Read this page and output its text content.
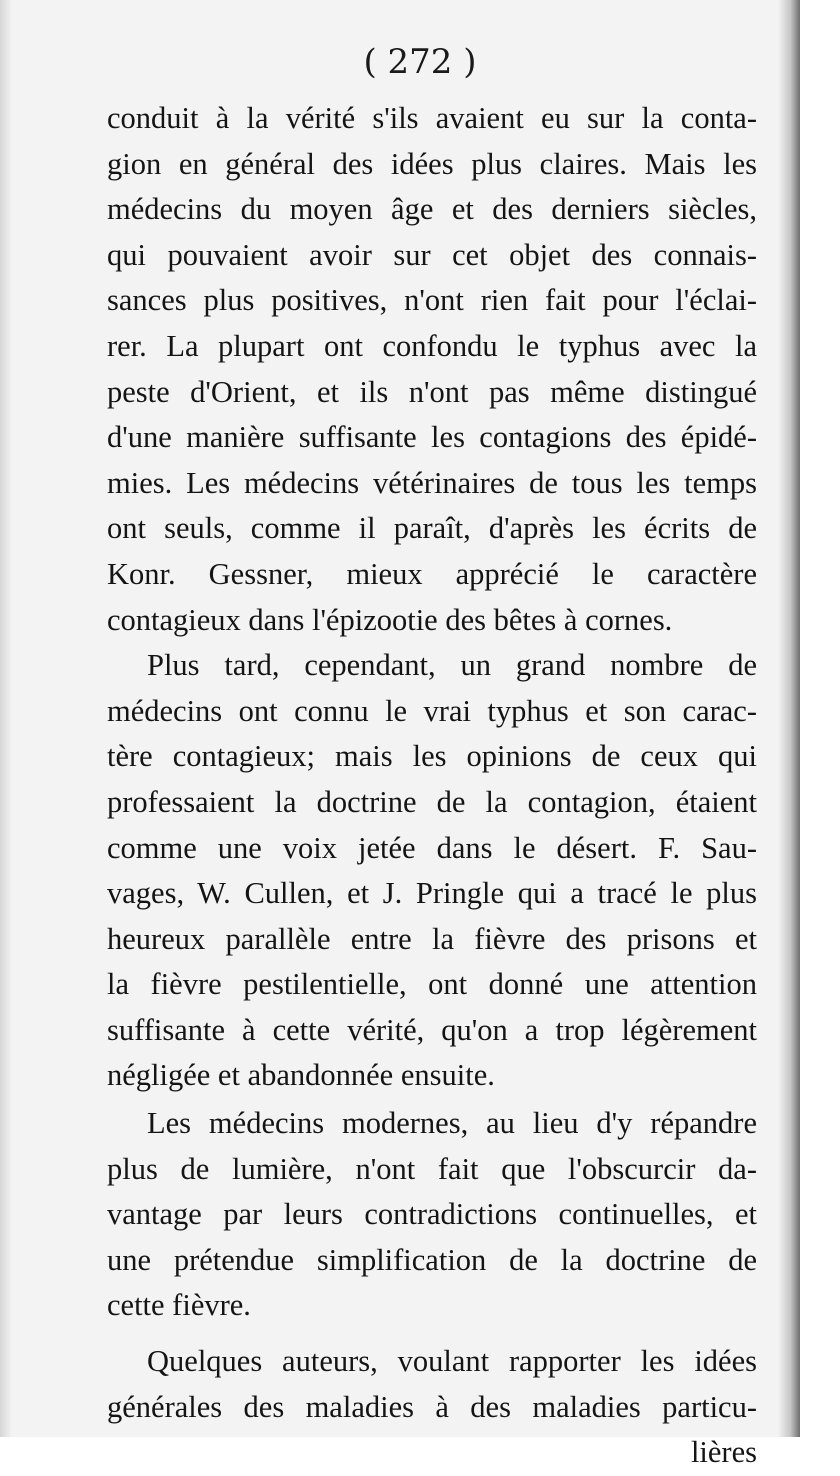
( 272 )
conduit à la vérité s'ils avaient eu sur la conta-
gion en général des idées plus claires. Mais les
médecins du moyen âge et des derniers siècles,
qui pouvaient avoir sur cet objet des connais-
sances plus positives, n'ont rien fait pour l'éclai-
rer. La plupart ont confondu le typhus avec la
peste d'Orient, et ils n'ont pas même distingué
d'une manière suffisante les contagions des épidé-
mies. Les médecins vétérinaires de tous les temps
ont seuls, comme il paraît, d'après les écrits de
Konr. Gessner, mieux apprécié le caractère
contagieux dans l'épizootie des bêtes à cornes.
Plus tard, cependant, un grand nombre de
médecins ont connu le vrai typhus et son carac-
tère contagieux; mais les opinions de ceux qui
professaient la doctrine de la contagion, étaient
comme une voix jetée dans le désert. F. Sau-
vages, W. Cullen, et J. Pringle qui a tracé le plus
heureux parallèle entre la fièvre des prisons et
la fièvre pestilentielle, ont donné une attention
suffisante à cette vérité, qu'on a trop légèrement
négligée et abandonnée ensuite.
Les médecins modernes, au lieu d'y répandre
plus de lumière, n'ont fait que l'obscurcir da-
vantage par leurs contradictions continuelles, et
une prétendue simplification de la doctrine de
cette fièvre.
Quelques auteurs, voulant rapporter les idées
générales des maladies à des maladies particu-
lières
